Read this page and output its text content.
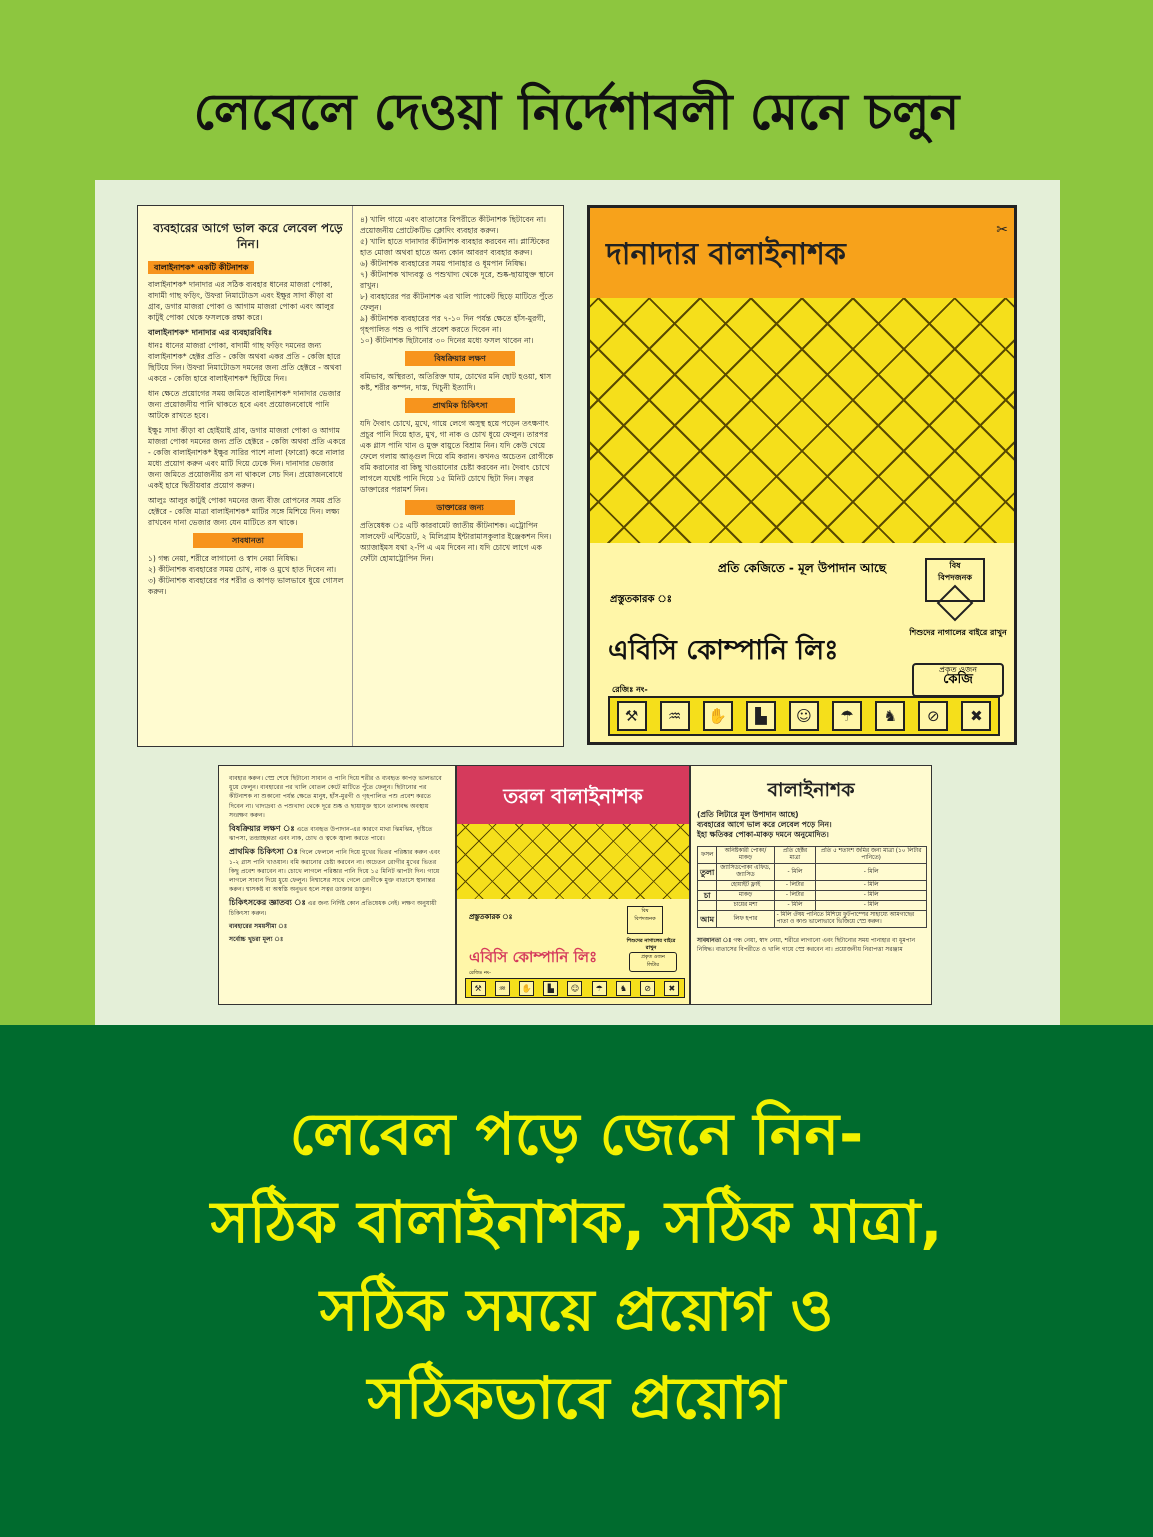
লেবেলে দেওয়া নির্দেশাবলী মেনে চলুন
ব্যবহারের আগে ভাল করে লেবেল পড়ে নিন।
বালাইনাশক* একটি কীটনাশক

বালাইনাশক* দানাদার এর সঠিক ব্যবহার ধানের মাজরা পোকা, বাদামী গাছ ফড়িং, উফরা নিমাটোডস এবং ইক্ষুর সাদা কীড়া বা গ্রাব, ডগার মাজরা পোকা ও আগাম মাজরা পোকা এবং আলুর কাটুই পোকা থেকে ফসলকে রক্ষা করে।

বালাইনাশক* দানাদার এর ব্যবহারবিধিঃ

ধানঃ ধানের মাজরা পোকা, বাদামী গাছ ফড়িং দমনের জন্য বালাইনাশক* হেক্টর প্রতি - কেজি অথবা একর প্রতি - কেজি হারে ছিটিয়ে দিন। উফরা নিমাটোডস দমনের জন্য প্রতি হেক্টরে - অথবা একরে - কেজি হারে বালাইনাশক* ছিটিয়ে দিন।

ধান ক্ষেতে প্রয়োগের সময় জমিতে বালাইনাশক* দানাদার ভেজার জন্য প্রয়োজনীয় পানি থাকতে হবে এবং প্রয়োজনবোধে পানি আটকে রাখতে হবে।

ইক্ষুঃ সাদা কীড়া বা হোইয়াই গ্রাব, ডগার মাজরা পোকা ও আগাম মাজরা পোকা দমনের জন্য প্রতি হেক্টরে - কেজি অথবা প্রতি একরে - কেজি বালাইনাশক* ইক্ষুর সারির পাশে নালা (ফারো) করে নালার মধ্যে প্রয়োগ করুন এবং মাটি দিয়ে ঢেকে দিন। দানাদার ভেজার জন্য জমিতে প্রয়োজনীয় রস না থাকলে সেচ দিন। প্রয়োজনবোধে একই হারে দ্বিতীয়বার প্রয়োগ করুন।

আলুঃ আলুর কাটুই পোকা দমনের জন্য বীজ রোপনের সময় প্রতি হেক্টরে - কেজি মাত্রা বালাইনাশক* মাটির সঙ্গে মিশিয়ে দিন। লক্ষ্য রাখবেন দানা ভেজার জন্য যেন মাটিতে রস থাকে।

সাবধানতা
১) গন্ধ নেয়া, শরীরে লাগানো ও স্বাদ নেয়া নিষিদ্ধ।
২) কীটনাশক ব্যবহারের সময় চোখ, নাক ও মুখে হাত দিবেন না।
৩) কীটনাশক ব্যবহারের পর শরীর ও কাপড় ভালভাবে ধুয়ে গোসল করুন।
৪) খালি গায়ে এবং বাতাসের বিপরীতে কীটনাশক ছিটাবেন না। প্রয়োজনীয় প্রোটেকটিভ ক্লোদিং ব্যবহার করুন।
৫) খালি হাতে দানাদার কীটনাশক ব্যবহার করবেন না। প্লাস্টিকের হাত মোজা অথবা হাতে অন্য কোন আবরণ ব্যবহার করুন।
৬) কীটনাশক ব্যবহারের সময় পানাহার ও ধূমপান নিষিদ্ধ।
৭) কীটনাশক খাদ্যবস্তু ও পশুখাদ্য থেকে দূরে, শুষ্ক-ছায়াযুক্ত স্থানে রাখুন।
৮) ব্যবহারের পর কীটনাশক এর খালি প্যাকেট ছিড়ে মাটিতে পুঁতে ফেলুন।
৯) কীটনাশক ব্যবহারের পর ৭-১০ দিন পর্যন্ত ক্ষেতে হাঁস-মুরগী, গৃহপালিত পশু ও পাখি প্রবেশ করতে দিবেন না।
১০) কীটনাশক ছিটানোর ৩০ দিনের মধ্যে ফসল খাবেন না।
বিষক্রিয়ার লক্ষণ

বমিভাব, অস্থিরতা, অতিরিক্ত ঘাম, চোখের মনি ছোট হওয়া, শ্বাস কষ্ট, শরীর কম্পন, দাস্ত, খিচুনী ইত্যাদি।

প্রাথমিক চিকিৎসা

যদি দৈবাৎ চোখে, মুখে, গায়ে লেগে অসুস্থ হয়ে পড়েন তৎক্ষণাৎ প্রচুর পানি দিয়ে হাত, মুখ, গা নাক ও চোখ ধুয়ে ফেলুন। তারপর এক গ্লাস পানি খান ও মুক্ত বায়ুতে বিশ্রাম নিন। যদি কেউ খেয়ে ফেলে গলায় আঙ্গুল দিয়ে বমি করান। কখনও অচেতন রোগীকে বমি করানোর বা কিছু খাওয়ানোর চেষ্টা করবেন না। দৈবাৎ চোখে লাগলে যথেষ্ট পানি দিয়ে ১৫ মিনিট চোখে ছিটা দিন। সত্বর ডাক্তারের পরামর্শ নিন।

ডাক্তারের জন্য

প্রতিষেধক ঃ এটি কারবামেট জাতীয় কীটনাশক। এট্রোপিন সালফেট এন্টিডোট, ২ মিলিগ্রাম ইন্টারামাসকুলার ইঞ্জেকশন দিন। অ্যাজাইমস যথা ২-পি এ এম দিবেন না। যদি চোখে লাগে এক ফোঁটা হোমাট্রোপিন দিন।

দানাদার বালাইনাশক
✂
প্রতি কেজিতে - মূল উপাদান আছে
প্রস্তুতকারক ঃ
বিষ
বিপদজনক
এবিসি কোম্পানি লিঃ
শিশুদের নাগালের বাইরে রাখুন
প্রকৃত ওজন
কেজি
রেজিঃ নং-
⚒	♒	✋	▙	☺	☂	♞	⊘	✖

ব্যবহার করুন। স্প্রে শেষে ছিটানো সাবান ও পানি দিয়ে শরীর ও ব্যবহৃত কাপড় ভালভাবে ধুয়ে ফেলুন। ব্যবহারের পর খালি বোতল কেটে মাটিতে পুঁতে ফেলুন। ছিটানোর পর কীটনাশক না শুকানো পর্যন্ত ক্ষেতে মানুষ, হাঁস-মুরগী ও গৃহপালিত পশু প্রবেশ করতে দিবেন না। খাদ্যদ্রব্য ও পশুখাদ্য থেকে দূরে শুষ্ক ও ছায়াযুক্ত স্থানে তালাবদ্ধ অবস্থায় সংরক্ষণ করুন।

বিষক্রিয়ার লক্ষণ ঃ এতে ব্যবহৃত উপাদান-এর কারণে মাথা ঝিমঝিম, দৃষ্টিতে ঝাপসা, তন্দ্রাচ্ছন্নতা এবং নাক, চোখ ও ত্বকে জ্বালা করতে পারে।

প্রাথমিক চিকিৎসা ঃ গিলে ফেললে পানি দিয়ে মুখের ভিতর পরিষ্কার করুন এবং ১-২ গ্লাস পানি খাওয়ান। বমি করানোর চেষ্টা করবেন না। অচেতন রোগীর মুখের ভিতর কিছু প্রবেশ করাবেন না। চোখে লাগলে পরিষ্কার পানি দিয়ে ১৫ মিনিট ঝাপটা দিন। গায়ে লাগলে সাবান দিয়ে ধুয়ে ফেলুন। নিশ্বাসের সাথে গেলে রোগীকে মুক্ত বাতাসে স্থানান্তর করুন। শ্বাসকষ্ট বা অস্বস্তি অনুভব হলে সত্বর ডাক্তার ডাকুন।

চিকিৎসকের জ্ঞাতব্য ঃ এর জন্য নির্দিষ্ট কোন প্রতিষেধক নেই। লক্ষণ অনুযায়ী চিকিৎসা করুন।

ব্যবহারের সময়সীমা ঃ

সর্বোচ্চ খুচরা মূল্য ঃ

তরল বালাইনাশক
প্রস্তুতকারক ঃ
বিষ
বিপদজনক
শিশুদের নাগালের বাইরে রাখুন
এবিসি কোম্পানি লিঃ	প্রকৃত ওজন
লিটার
রেজিঃ নং-
⚒	♒	✋	▙	☺	☂	♞	⊘	✖
বালাইনাশক
(প্রতি লিটারে মূল উপাদান আছে)
ব্যবহারের আগে ভাল করে লেবেল পড়ে নিন।
ইহা ক্ষতিকর পোকা-মাকড় দমনে অনুমোদিত।
ফসল	অনিষ্টকারী পোকা/মাকড়	প্রতি হেক্টর মাত্রা	প্রতি ৫ শতাংশ জমির জন্য মাত্রা (১০ লিটার পানিতে)
তুলা	জ্যাসিডপোকা এফিড, জ্যাসিড	- মিলি	- মিলি
	হোয়াইট ফ্লাই	- লিটার	- মিলি
চা	মাকড়	- লিটার	- মিলি
	চায়ের মশা	- মিলি	- মিলি
আম	লিফ হপার	- মিলি ঔষধ পানিতে মিশিয়ে ফুটপাম্পের সাহায্যে আমগাছের পাতা ও কাণ্ড ভালোভাবে ভিজিয়ে স্প্রে করুন।	
সাবধানতা ঃ গন্ধ নেয়া, স্বাদ নেয়া, শরীরে লাগানো এবং ছিটানোর সময় পানাহার বা ধূমপান নিষিদ্ধ। বাতাসের বিপরীতে ও খালি গায়ে স্প্রে করবেন না। প্রয়োজনীয় নিরাপত্তা সরঞ্জাম
লেবেল পড়ে জেনে নিন-
সঠিক বালাইনাশক, সঠিক মাত্রা,
সঠিক সময়ে প্রয়োগ ও
সঠিকভাবে প্রয়োগ
